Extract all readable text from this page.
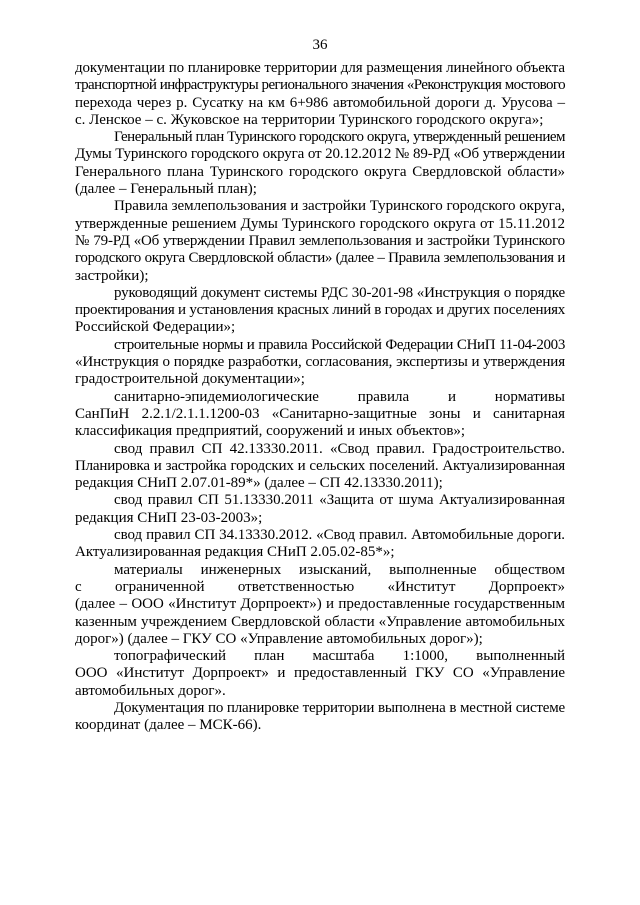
36
документации по планировке территории для размещения линейного объекта
транспортной инфраструктуры регионального значения «Реконструкция мостового
перехода через р. Сусатку на км 6+986 автомобильной дороги д. Урусова –
с. Ленское – с. Жуковское на территории Туринского городского округа»;
Генеральный план Туринского городского округа, утвержденный решением
Думы Туринского городского округа от 20.12.2012 № 89-РД «Об утверждении
Генерального плана Туринского городского округа Свердловской области»
(далее – Генеральный план);
Правила землепользования и застройки Туринского городского округа,
утвержденные решением Думы Туринского городского округа от 15.11.2012
№ 79-РД «Об утверждении Правил землепользования и застройки Туринского
городского округа Свердловской области» (далее – Правила землепользования и
застройки);
руководящий документ системы РДС 30-201-98 «Инструкция о порядке
проектирования и установления красных линий в городах и других поселениях
Российской Федерации»;
строительные нормы и правила Российской Федерации СНиП 11-04-2003
«Инструкция о порядке разработки, согласования, экспертизы и утверждения
градостроительной документации»;
санитарно-эпидемиологические правила и нормативы
СанПиН 2.2.1/2.1.1.1200-03 «Санитарно-защитные зоны и санитарная
классификация предприятий, сооружений и иных объектов»;
свод правил СП 42.13330.2011. «Свод правил. Градостроительство.
Планировка и застройка городских и сельских поселений. Актуализированная
редакция СНиП 2.07.01-89*» (далее – СП 42.13330.2011);
свод правил СП 51.13330.2011 «Защита от шума Актуализированная
редакция СНиП 23-03-2003»;
свод правил СП 34.13330.2012. «Свод правил. Автомобильные дороги.
Актуализированная редакция СНиП 2.05.02-85*»;
материалы инженерных изысканий, выполненные обществом
с ограниченной ответственностью «Институт Дорпроект»
(далее – ООО «Институт Дорпроект») и предоставленные государственным
казенным учреждением Свердловской области «Управление автомобильных
дорог») (далее – ГКУ СО «Управление автомобильных дорог»);
топографический план масштаба 1:1000, выполненный
ООО «Институт Дорпроект» и предоставленный ГКУ СО «Управление
автомобильных дорог».
Документация по планировке территории выполнена в местной системе
координат (далее – МСК-66).
